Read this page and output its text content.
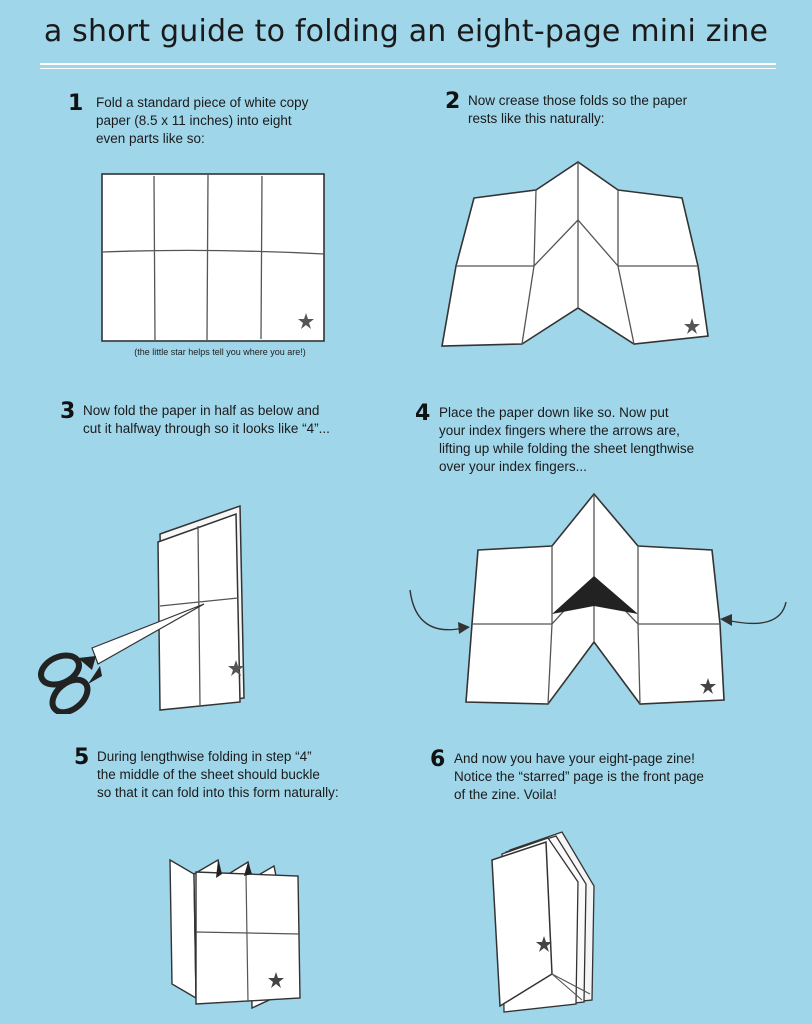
a short guide to folding an eight-page mini zine
1 Fold a standard piece of white copy
paper (8.5 x 11 inches) into eight
even parts like so:
(the little star helps tell you where you are!)
2 Now crease those folds so the paper
rests like this naturally:
3 Now fold the paper in half as below and
cut it halfway through so it looks like “4”...
4 Place the paper down like so. Now put
your index fingers where the arrows are,
lifting up while folding the sheet lengthwise
over your index fingers...
5 During lengthwise folding in step “4”
the middle of the sheet should buckle
so that it can fold into this form naturally:
6 And now you have your eight-page zine!
Notice the “starred” page is the front page
of the zine. Voila!
